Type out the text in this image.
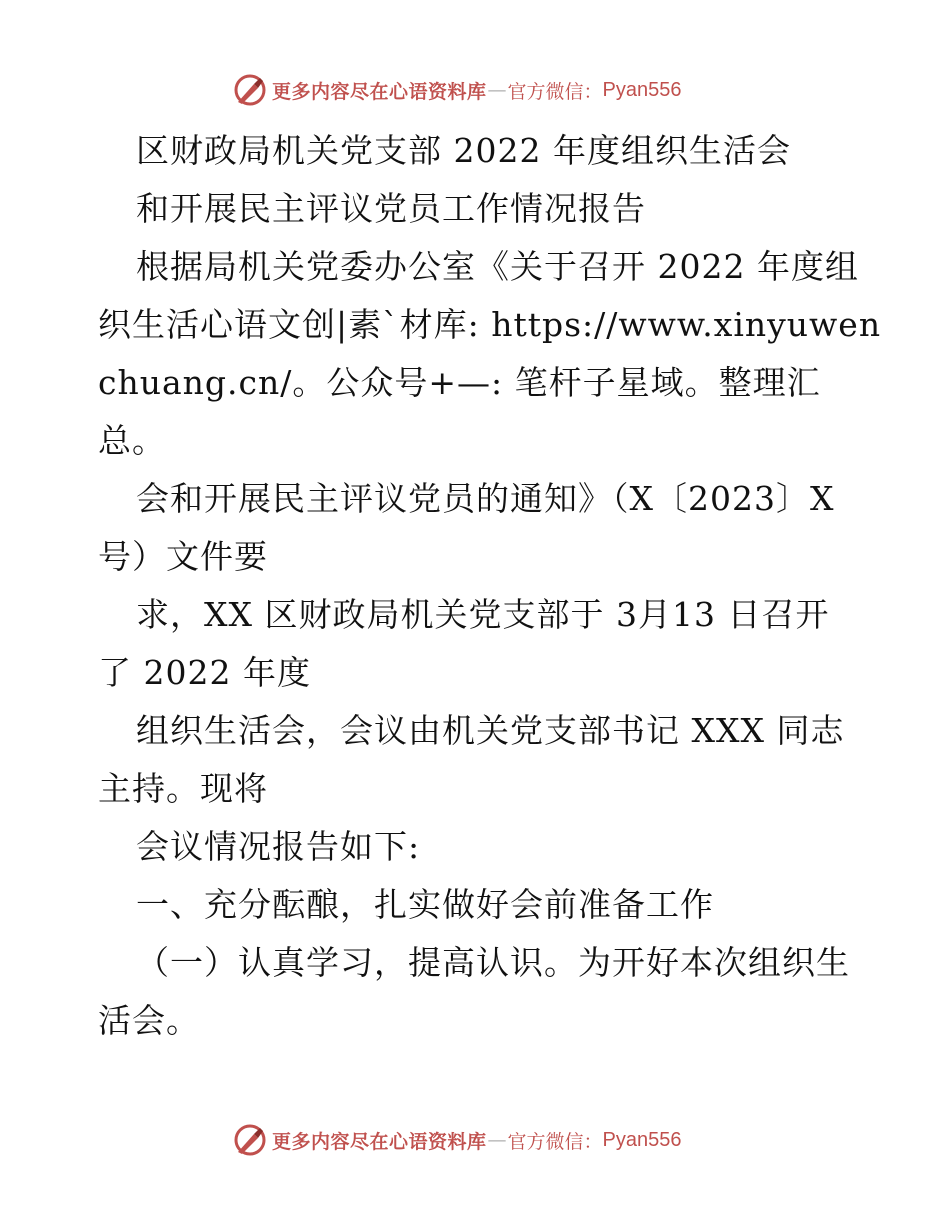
更多内容尽在心语资料库 — 官方微信： Pyan556
区财政局机关党支部 2022 年度组织生活会
和开展民主评议党员工作情况报告
根据局机关党委办公室《关于召开 2022 年度组
织生活心语文创|素`材库: https://www.xinyuwen
chuang.cn/。公众号+—: 笔杆子星域。整理汇
总。
会和开展民主评议党员的通知》（X〔2023〕X
号）文件要
求，XX 区财政局机关党支部于 3月13 日召开
了 2022 年度
组织生活会，会议由机关党支部书记 XXX 同志
主持。现将
会议情况报告如下:
一、充分酝酿，扎实做好会前准备工作
（一）认真学习，提高认识。为开好本次组织生
活会。
更多内容尽在心语资料库 — 官方微信： Pyan556
